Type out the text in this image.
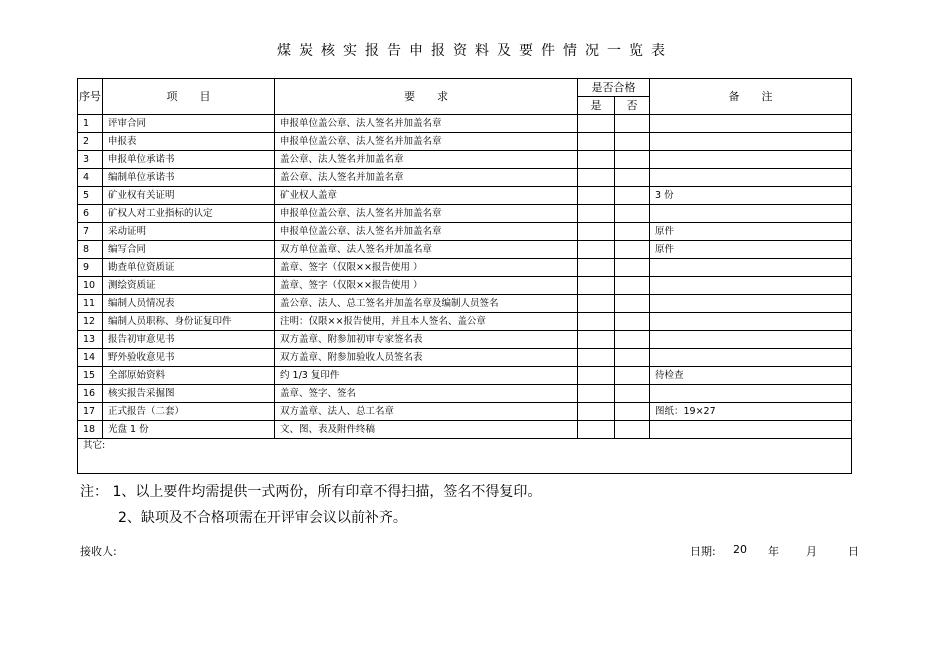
煤炭核实报告申报资料及要件情况一览表
序号	项　　目	要　　求	是否合格		备　　注
			是	否	
1	评审合同	申报单位盖公章、法人签名并加盖名章			
2	申报表	申报单位盖公章、法人签名并加盖名章			
3	申报单位承诺书	盖公章、法人签名并加盖名章			
4	编制单位承诺书	盖公章、法人签名并加盖名章			
5	矿业权有关证明	矿业权人盖章			3 份
6	矿权人对工业指标的认定	申报单位盖公章、法人签名并加盖名章			
7	采动证明	申报单位盖公章、法人签名并加盖名章			原件
8	编写合同	双方单位盖章、法人签名并加盖名章			原件
9	勘查单位资质证	盖章、签字（仅限××报告使用 ）			
10	测绘资质证	盖章、签字（仅限××报告使用 ）			
11	编制人员情况表	盖公章、法人、总工签名并加盖名章及编制人员签名			
12	编制人员职称、身份证复印件	注明：仅限××报告使用，并且本人签名、盖公章			
13	报告初审意见书	双方盖章、附参加初审专家签名表			
14	野外验收意见书	双方盖章、附参加验收人员签名表			
15	全部原始资料	约 1/3 复印件			待检查
16	核实报告采掘图	盖章、签字、签名			
17	正式报告（二套）	双方盖章、法人、总工名章			图纸：19×27
18	光盘 1 份	文、图、表及附件终稿			
其它:					
注： 1、以上要件均需提供一式两份，所有印章不得扫描，签名不得复印。
2、缺项及不合格项需在开评审会议以前补齐。
接收人:	日期: 20 年 月	日
